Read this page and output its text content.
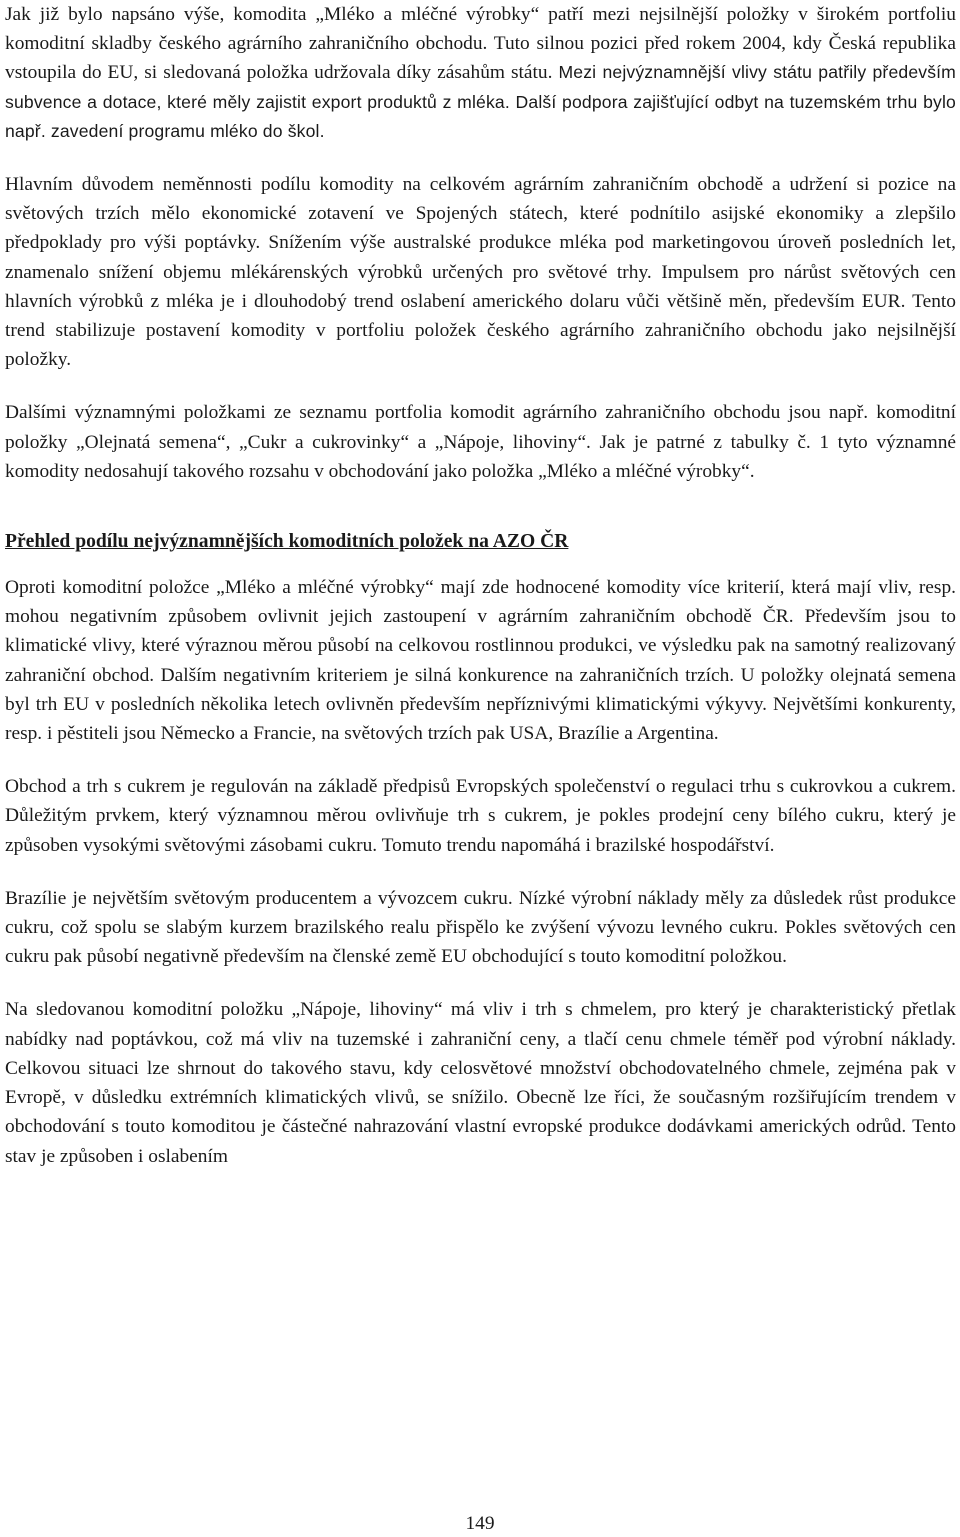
Jak již bylo napsáno výše, komodita „Mléko a mléčné výrobky“ patří mezi nejsilnější položky v širokém portfoliu komoditní skladby českého agrárního zahraničního obchodu. Tuto silnou pozici před rokem 2004, kdy Česká republika vstoupila do EU, si sledovaná položka udržovala díky zásahům státu. Mezi nejvýznamnější vlivy státu patřily především subvence a dotace, které měly zajistit export produktů z mléka. Další podpora zajišťující odbyt na tuzemském trhu bylo např. zavedení programu mléko do škol.

Hlavním důvodem neměnnosti podílu komodity na celkovém agrárním zahraničním obchodě a udržení si pozice na světových trzích mělo ekonomické zotavení ve Spojených státech, které podnítilo asijské ekonomiky a zlepšilo předpoklady pro výši poptávky. Snížením výše australské produkce mléka pod marketingovou úroveň posledních let, znamenalo snížení objemu mlékárenských výrobků určených pro světové trhy. Impulsem pro nárůst světových cen hlavních výrobků z mléka je i dlouhodobý trend oslabení amerického dolaru vůči většině měn, především EUR. Tento trend stabilizuje postavení komodity v portfoliu položek českého agrárního zahraničního obchodu jako nejsilnější položky.

Dalšími významnými položkami ze seznamu portfolia komodit agrárního zahraničního obchodu jsou např. komoditní položky „Olejnatá semena“, „Cukr a cukrovinky“ a „Nápoje, lihoviny“. Jak je patrné z tabulky č. 1 tyto významné komodity nedosahují takového rozsahu v obchodování jako položka „Mléko a mléčné výrobky“.

Přehled podílu nejvýznamnějších komoditních položek na AZO ČR

Oproti komoditní položce „Mléko a mléčné výrobky“ mají zde hodnocené komodity více kriterií, která mají vliv, resp. mohou negativním způsobem ovlivnit jejich zastoupení v agrárním zahraničním obchodě ČR. Především jsou to klimatické vlivy, které výraznou měrou působí na celkovou rostlinnou produkci, ve výsledku pak na samotný realizovaný zahraniční obchod. Dalším negativním kriteriem je silná konkurence na zahraničních trzích. U položky olejnatá semena byl trh EU v posledních několika letech ovlivněn především nepříznivými klimatickými výkyvy. Největšími konkurenty, resp. i pěstiteli jsou Německo a Francie, na světových trzích pak USA, Brazílie a Argentina.

Obchod a trh s cukrem je regulován na základě předpisů Evropských společenství o regulaci trhu s cukrovkou a cukrem. Důležitým prvkem, který významnou měrou ovlivňuje trh s cukrem, je pokles prodejní ceny bílého cukru, který je způsoben vysokými světovými zásobami cukru. Tomuto trendu napomáhá i brazilské hospodářství.

Brazílie je největším světovým producentem a vývozcem cukru. Nízké výrobní náklady měly za důsledek růst produkce cukru, což spolu se slabým kurzem brazilského realu přispělo ke zvýšení vývozu levného cukru. Pokles světových cen cukru pak působí negativně především na členské země EU obchodující s touto komoditní položkou.

Na sledovanou komoditní položku „Nápoje, lihoviny“ má vliv i trh s chmelem, pro který je charakteristický přetlak nabídky nad poptávkou, což má vliv na tuzemské i zahraniční ceny, a tlačí cenu chmele téměř pod výrobní náklady. Celkovou situaci lze shrnout do takového stavu, kdy celosvětové množství obchodovatelného chmele, zejména pak v Evropě, v důsledku extrémních klimatických vlivů, se snížilo. Obecně lze říci, že současným rozšiřujícím trendem v obchodování s touto komoditou je částečné nahrazování vlastní evropské produkce dodávkami amerických odrůd. Tento stav je způsoben i oslabením

149
